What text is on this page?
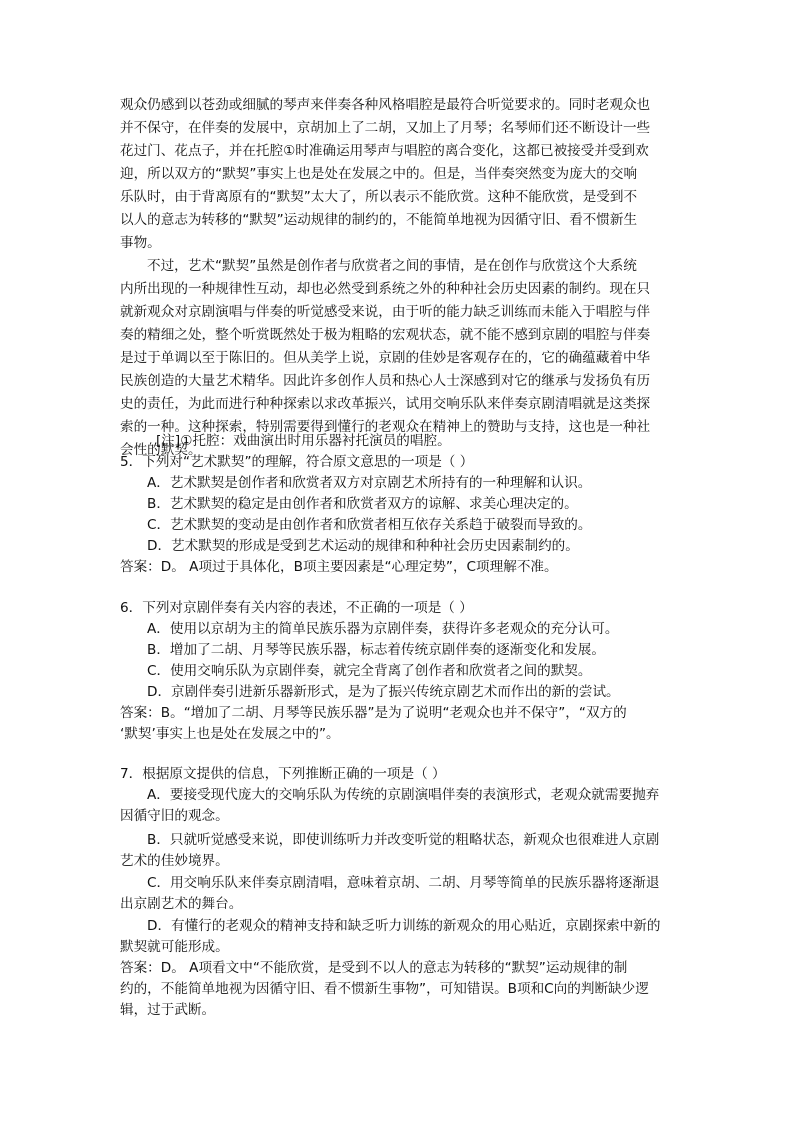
观众仍感到以苍劲或细腻的琴声来伴奏各种风格唱腔是最符合听觉要求的。同时老观众也
并不保守，在伴奏的发展中，京胡加上了二胡，又加上了月琴；名琴师们还不断设计一些
花过门、花点子，并在托腔①时准确运用琴声与唱腔的离合变化，这都已被接受并受到欢
迎，所以双方的“默契”事实上也是处在发展之中的。但是，当伴奏突然变为庞大的交响
乐队时，由于背离原有的“默契”太大了，所以表示不能欣赏。这种不能欣赏，是受到不
以人的意志为转移的“默契”运动规律的制约的，不能简单地视为因循守旧、看不惯新生
事物。
不过，艺术“默契”虽然是创作者与欣赏者之间的事情，是在创作与欣赏这个大系统
内所出现的一种规律性互动，却也必然受到系统之外的种种社会历史因素的制约。现在只
就新观众对京剧演唱与伴奏的听觉感受来说，由于听的能力缺乏训练而未能入于唱腔与伴
奏的精细之处，整个听赏既然处于极为粗略的宏观状态，就不能不感到京剧的唱腔与伴奏
是过于单调以至于陈旧的。但从美学上说，京剧的佳妙是客观存在的，它的确蕴藏着中华
民族创造的大量艺术精华。因此许多创作人员和热心人士深感到对它的继承与发扬负有历
史的责任，为此而进行种种探索以求改革振兴，试用交响乐队来伴奏京剧清唱就是这类探
索的一种。这种探索，特别需要得到懂行的老观众在精神上的赞助与支持，这也是一种社
会性的默契。
[注]①托腔：戏曲演出时用乐器衬托演员的唱腔。
5．下列对“艺术默契”的理解，符合原文意思的一项是（ ）
A．艺术默契是创作者和欣赏者双方对京剧艺术所持有的一种理解和认识。
B．艺术默契的稳定是由创作者和欣赏者双方的谅解、求美心理决定的。
C．艺术默契的变动是由创作者和欣赏者相互依存关系趋于破裂而导致的。
D．艺术默契的形成是受到艺术运动的规律和种种社会历史因素制约的。
答案：D。 A项过于具体化，B项主要因素是“心理定势”，C项理解不准。
6．下列对京剧伴奏有关内容的表述，不正确的一项是（ ）
A．使用以京胡为主的简单民族乐器为京剧伴奏，获得许多老观众的充分认可。
B．增加了二胡、月琴等民族乐器，标志着传统京剧伴奏的逐渐变化和发展。
C．使用交响乐队为京剧伴奏，就完全背离了创作者和欣赏者之间的默契。
D．京剧伴奏引进新乐器新形式，是为了振兴传统京剧艺术而作出的新的尝试。
答案：B。“增加了二胡、月琴等民族乐器”是为了说明“老观众也并不保守”，“双方的
‘默契’事实上也是处在发展之中的”。
7．根据原文提供的信息，下列推断正确的一项是（ ）
A．要接受现代庞大的交响乐队为传统的京剧演唱伴奏的表演形式，老观众就需要抛弃
因循守旧的观念。
B．只就听觉感受来说，即使训练听力并改变听觉的粗略状态，新观众也很难进人京剧
艺术的佳妙境界。
C．用交响乐队来伴奏京剧清唱，意味着京胡、二胡、月琴等简单的民族乐器将逐渐退
出京剧艺术的舞台。
D．有懂行的老观众的精神支持和缺乏听力训练的新观众的用心贴近，京剧探索中新的
默契就可能形成。
答案：D。 A项看文中“不能欣赏，是受到不以人的意志为转移的“默契”运动规律的制
约的，不能简单地视为因循守旧、看不惯新生事物”，可知错误。B项和C向的判断缺少逻
辑，过于武断。
